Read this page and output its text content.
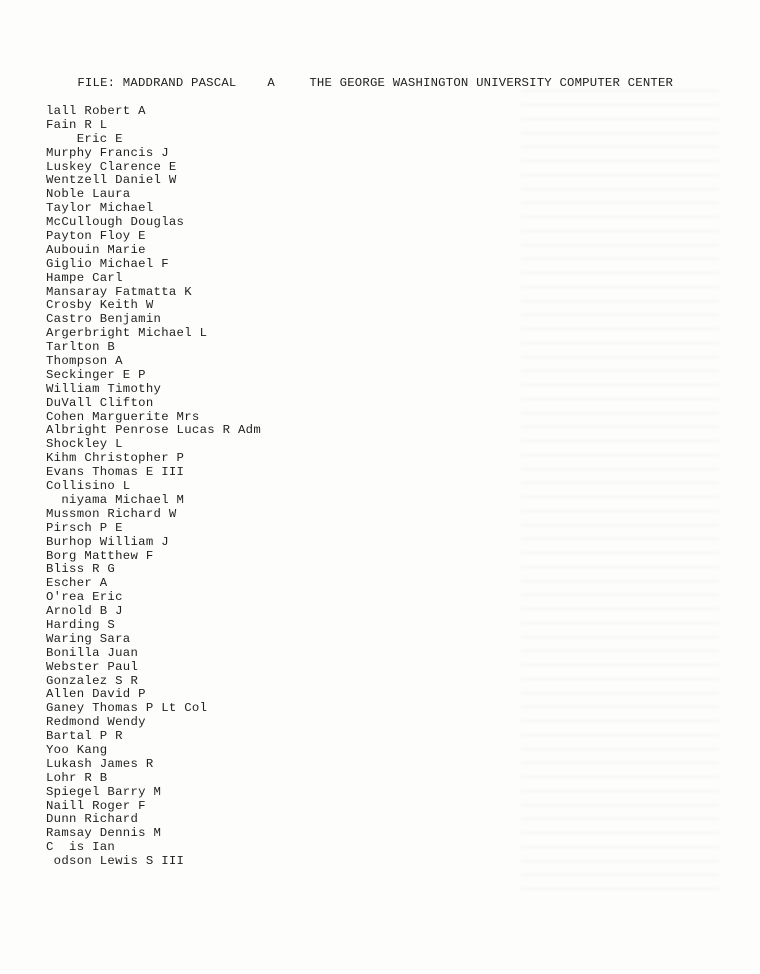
FILE: MADDRAND PASCAL	A	THE GEORGE WASHINGTON UNIVERSITY COMPUTER CENTER

lall Robert A
Fain R L
Eric E
Murphy Francis J
Luskey Clarence E
Wentzell Daniel W
Noble Laura
Taylor Michael
McCullough Douglas
Payton Floy E
Aubouin Marie
Giglio Michael F
Hampe Carl
Mansaray Fatmatta K
Crosby Keith W
Castro Benjamin
Argerbright Michael L
Tarlton B
Thompson A
Seckinger E P
William Timothy
DuVall Clifton
Cohen Marguerite Mrs
Albright Penrose Lucas R Adm
Shockley L
Kihm Christopher P
Evans Thomas E III
Collisino L
niyama Michael M
Mussmon Richard W
Pirsch P E
Burhop William J
Borg Matthew F
Bliss R G
Escher A
O'rea Eric
Arnold B J
Harding S
Waring Sara
Bonilla Juan
Webster Paul
Gonzalez S R
Allen David P
Ganey Thomas P Lt Col
Redmond Wendy
Bartal P R
Yoo Kang
Lukash James R
Lohr R B
Spiegel Barry M
Naill Roger F
Dunn Richard
Ramsay Dennis M
C  is Ian
odson Lewis S III
